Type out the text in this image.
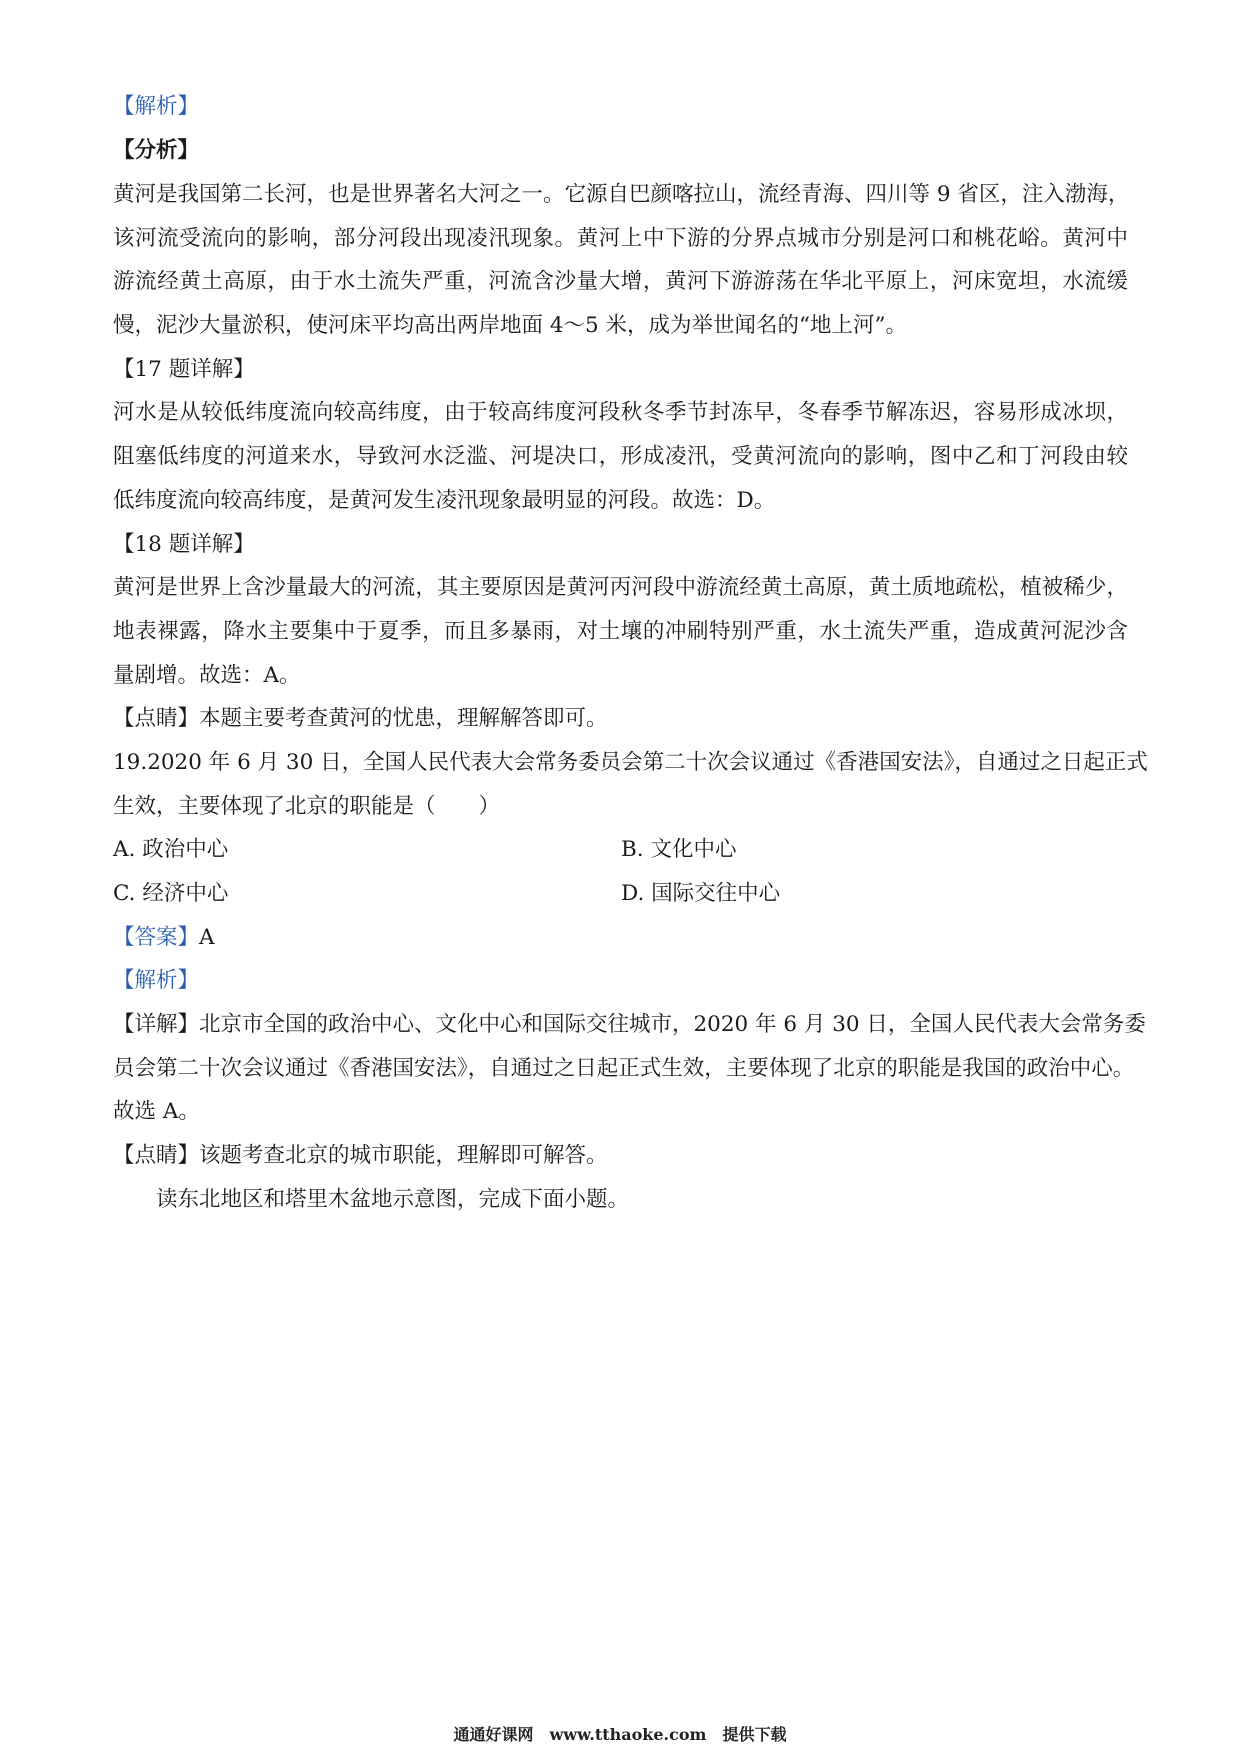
【解析】
【分析】
黄河是我国第二长河，也是世界著名大河之一。它源自巴颜喀拉山，流经青海、四川等 9 省区，注入渤海，
该河流受流向的影响，部分河段出现凌汛现象。黄河上中下游的分界点城市分别是河口和桃花峪。黄河中
游流经黄土高原，由于水土流失严重，河流含沙量大增，黄河下游游荡在华北平原上，河床宽坦，水流缓
慢，泥沙大量淤积，使河床平均高出两岸地面 4～5 米，成为举世闻名的“地上河”。
【17 题详解】
河水是从较低纬度流向较高纬度，由于较高纬度河段秋冬季节封冻早，冬春季节解冻迟，容易形成冰坝，
阻塞低纬度的河道来水，导致河水泛滥、河堤决口，形成凌汛，受黄河流向的影响，图中乙和丁河段由较
低纬度流向较高纬度，是黄河发生凌汛现象最明显的河段。故选：D。
【18 题详解】
黄河是世界上含沙量最大的河流，其主要原因是黄河丙河段中游流经黄土高原，黄土质地疏松，植被稀少，
地表裸露，降水主要集中于夏季，而且多暴雨，对土壤的冲刷特别严重，水土流失严重，造成黄河泥沙含
量剧增。故选：A。
【点睛】本题主要考查黄河的忧患，理解解答即可。
19.2020 年 6 月 30 日，全国人民代表大会常务委员会第二十次会议通过《香港国安法》，自通过之日起正式
生效，主要体现了北京的职能是（　　）
A. 政治中心	B. 文化中心
C. 经济中心	D. 国际交往中心
【答案】A
【解析】
【详解】北京市全国的政治中心、文化中心和国际交往城市，2020 年 6 月 30 日，全国人民代表大会常务委
员会第二十次会议通过《香港国安法》，自通过之日起正式生效，主要体现了北京的职能是我国的政治中心。
故选 A。
【点睛】该题考查北京的城市职能，理解即可解答。
读东北地区和塔里木盆地示意图，完成下面小题。
通通好课网 www.tthaoke.com 提供下载
